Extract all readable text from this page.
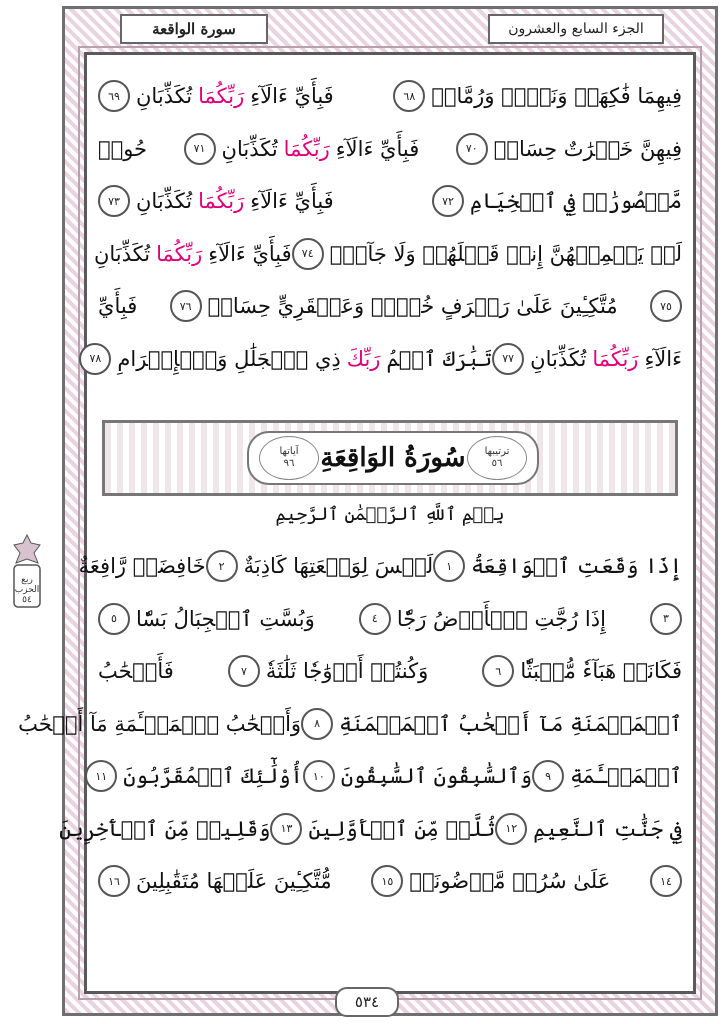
الجزء السابع والعشرون
سورة الواقعة
فِيهِمَا فَٰكِهَةٞ وَنَخۡلٞ وَرُمَّانٞ
٦٨
فَبِأَيِّ ءَالَآءِ
رَبِّكُمَا
تُكَذِّبَانِ
٦٩
فِيهِنَّ خَيۡرَٰتٌ حِسَانٞ
٧٠
فَبِأَيِّ ءَالَآءِ
رَبِّكُمَا
تُكَذِّبَانِ
٧١
حُورٞ
مَّقۡصُورَٰتٞ فِي ٱلۡخِيَامِ
٧٢
فَبِأَيِّ ءَالَآءِ
رَبِّكُمَا
تُكَذِّبَانِ
٧٣
لَمۡ يَطۡمِثۡهُنَّ إِنسٞ قَبۡلَهُمۡ وَلَا جَآنّٞ
٧٤
فَبِأَيِّ ءَالَآءِ
رَبِّكُمَا
تُكَذِّبَانِ
٧٥
مُتَّكِـِٔينَ عَلَىٰ رَفۡرَفٍ خُضۡرٖ وَعَبۡقَرِيٍّ حِسَانٖ
٧٦
فَبِأَيِّ
ءَالَآءِ
رَبِّكُمَا
تُكَذِّبَانِ
٧٧
تَبَٰرَكَ ٱسۡمُ
رَبِّكَ
ذِي ٱلۡجَلَٰلِ وَٱلۡإِكۡرَامِ
٧٨
ترتيبها
٥٦
سُورَةُ الوَاقِعَةِ
آياتها
٩٦
بِسۡمِ ٱللَّهِ ٱلرَّحۡمَٰنِ ٱلرَّحِيمِ
إِذَا وَقَعَتِ ٱلۡوَاقِعَةُ
١
لَيۡسَ لِوَقۡعَتِهَا كَاذِبَةٌ
٢
خَافِضَةٞ رَّافِعَةٌ
٣
إِذَا رُجَّتِ ٱلۡأَرۡضُ رَجّٗا
٤
وَبُسَّتِ ٱلۡجِبَالُ بَسّٗا
٥
فَكَانَتۡ هَبَآءٗ مُّنۢبَثّٗا
٦
وَكُنتُمۡ أَزۡوَٰجٗا ثَلَٰثَةٗ
٧
فَأَصۡحَٰبُ
ٱلۡمَيۡمَنَةِ مَآ أَصۡحَٰبُ ٱلۡمَيۡمَنَةِ
٨
وَأَصۡحَٰبُ ٱلۡمَشۡـَٔمَةِ مَآ أَصۡحَٰبُ
ٱلۡمَشۡـَٔمَةِ
٩
وَٱلسَّٰبِقُونَ ٱلسَّٰبِقُونَ
١٠
أُوْلَٰٓئِكَ ٱلۡمُقَرَّبُونَ
١١
فِي جَنَّٰتِ ٱلنَّعِيمِ
١٢
ثُلَّةٞ مِّنَ ٱلۡأَوَّلِينَ
١٣
وَقَلِيلٞ مِّنَ ٱلۡأٓخِرِينَ
١٤
عَلَىٰ سُرُرٖ مَّوۡضُونَةٖ
١٥
مُّتَّكِـِٔينَ عَلَيۡهَا مُتَقَٰبِلِينَ
١٦
٥٣٤
ربع
الحزب
٥٤
